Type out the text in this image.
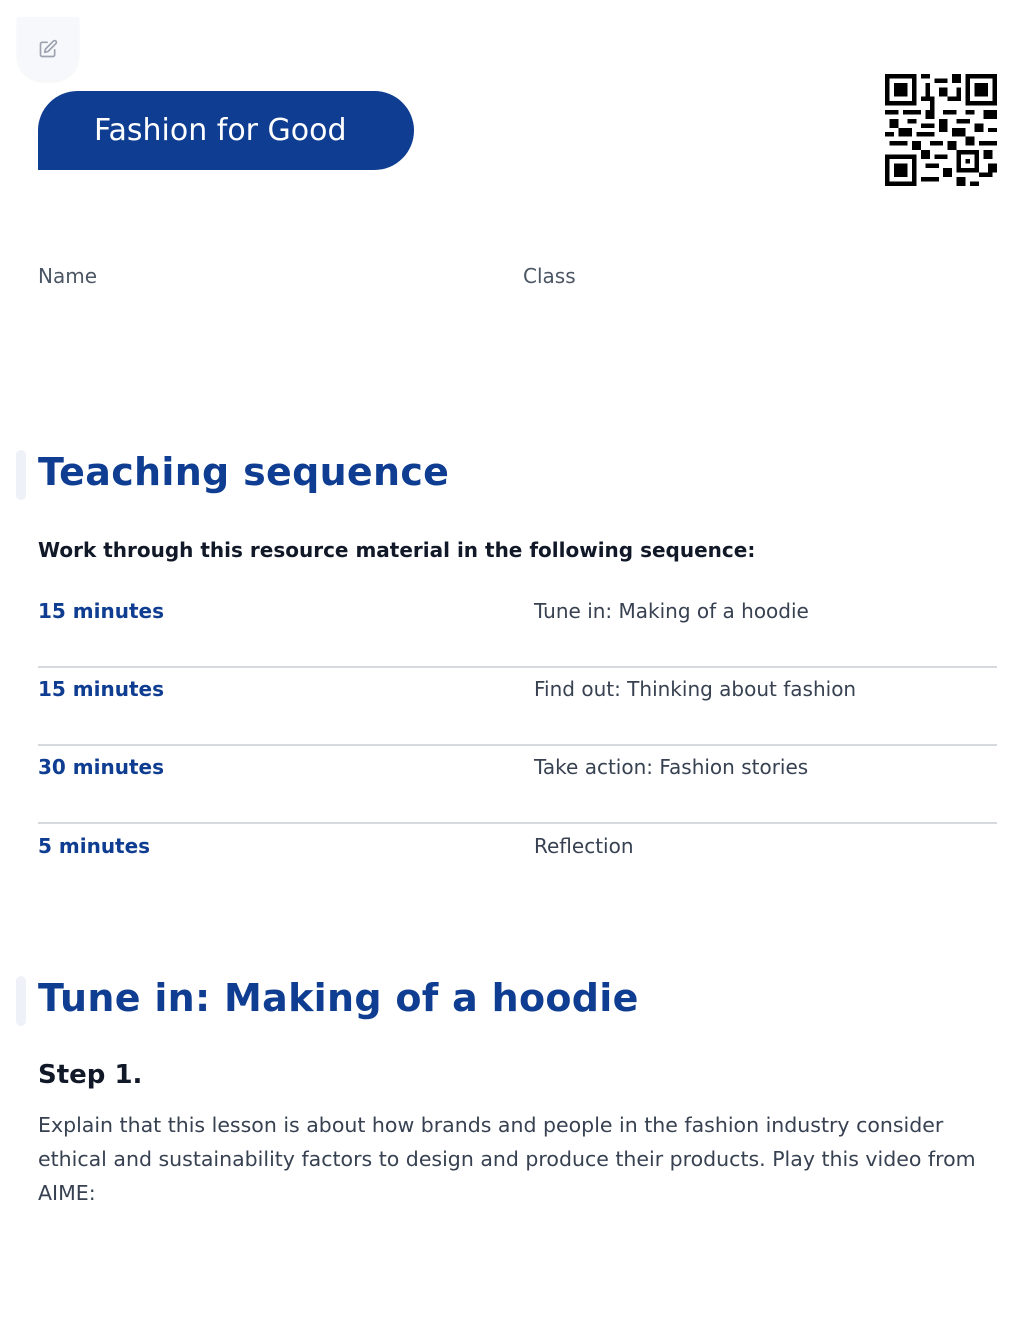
Fashion for Good
Name	Class
Teaching sequence
Work through this resource material in the following sequence:
15 minutes	Tune in: Making of a hoodie
15 minutes	Find out: Thinking about fashion
30 minutes	Take action: Fashion stories
5 minutes	Reflection
Tune in: Making of a hoodie
Step 1.

Explain that this lesson is about how brands and people in the fashion industry consider ethical and sustainability factors to design and produce their products. Play this video from AIME:
